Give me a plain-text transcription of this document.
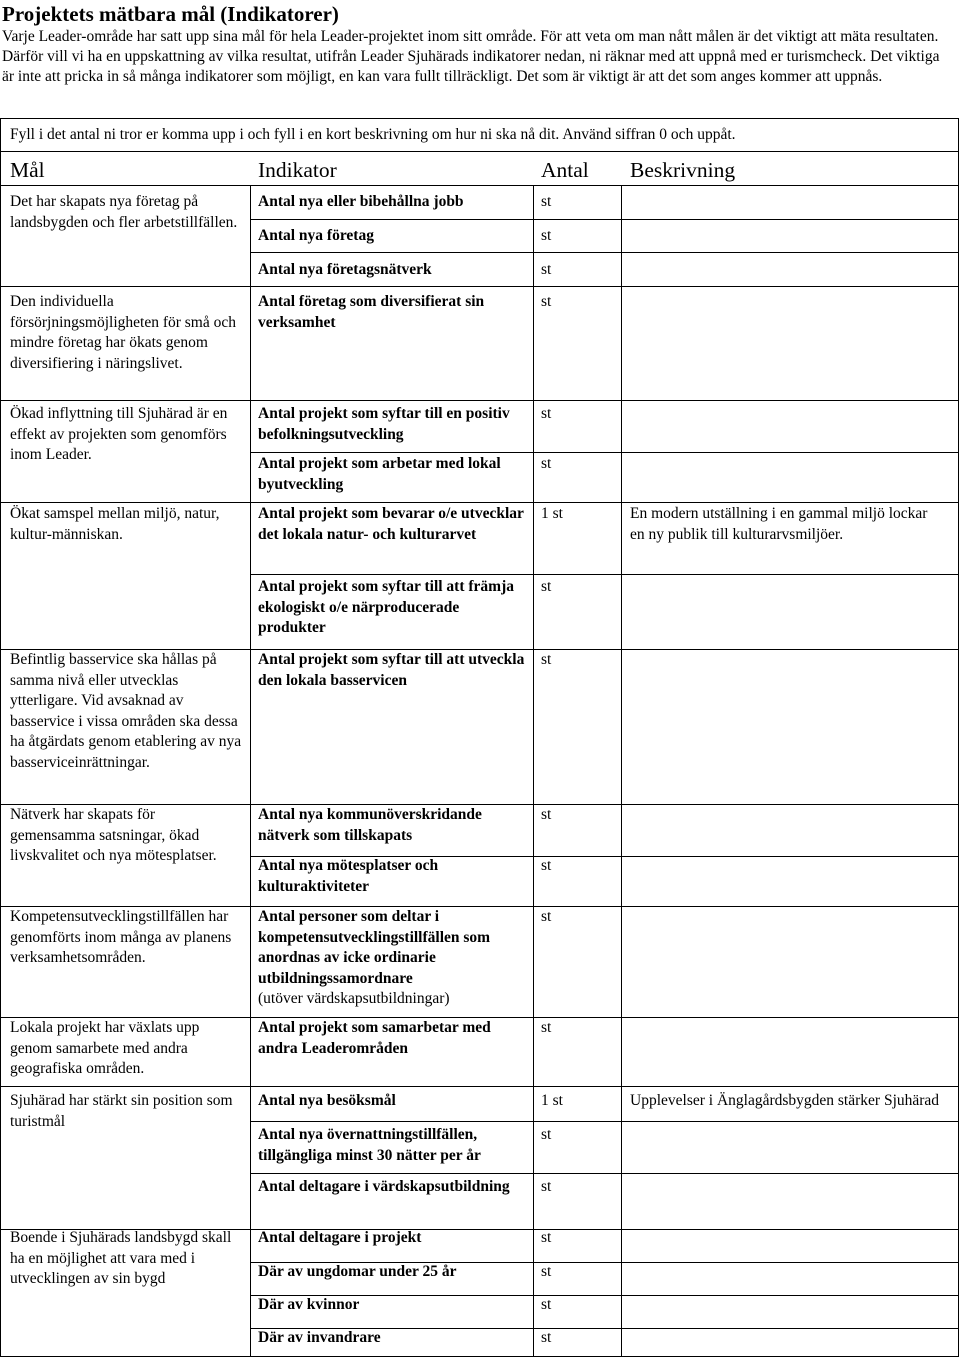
Projektets mätbara mål (Indikatorer)

Varje Leader-område har satt upp sina mål för hela Leader-projektet inom sitt område. För att veta om man nått målen är det viktigt att mäta resultaten. Därför vill vi ha en uppskattning av vilka resultat, utifrån Leader Sjuhärads indikatorer nedan, ni räknar med att uppnå med er turismcheck. Det viktiga är inte att pricka in så många indikatorer som möjligt, en kan vara fullt tillräckligt. Det som är viktigt är att det som anges kommer att uppnås.

Fyll i det antal ni tror er komma upp i och fyll i en kort beskrivning om hur ni ska nå dit. Använd siffran 0 och uppåt.

Mål	Indikator	Antal Beskrivning

Det har skapats nya företag på landsbygden och fler arbetstillfällen.

Den individuella försörjningsmöjligheten för små och mindre företag har ökats genom diversifiering i näringslivet.

Ökad inflyttning till Sjuhärad är en effekt av projekten som genomförs inom Leader.

Ökat samspel mellan miljö, natur, kultur-människan.

Befintlig basservice ska hållas på samma nivå eller utvecklas ytterligare. Vid avsaknad av basservice i vissa områden ska dessa ha åtgärdats genom etablering av nya basserviceinrättningar.

Nätverk har skapats för gemensamma satsningar, ökad livskvalitet och nya mötesplatser.

Kompetensutvecklingstillfällen har genomförts inom många av planens verksamhetsområden.

Lokala projekt har växlats upp genom samarbete med andra geografiska områden.

Sjuhärad har stärkt sin position som turistmål

Boende i Sjuhärads landsbygd skall ha en möjlighet att vara med i utvecklingen av sin bygd

Antal nya eller bibehållna jobb

Antal nya företag

Antal nya företagsnätverk

Antal företag som diversifierat sin verksamhet

Antal projekt som syftar till en positiv befolkningsutveckling

Antal projekt som arbetar med lokal byutveckling

Antal projekt som bevarar o/e utvecklar det lokala natur- och kulturarvet

Antal projekt som syftar till att främja ekologiskt o/e närproducerade produkter

Antal projekt som syftar till att utveckla den lokala basservicen

Antal nya kommunöverskridande nätverk som tillskapats

Antal nya mötesplatser och kulturaktiviteter

Antal personer som deltar i kompetensutvecklingstillfällen som anordnas av icke ordinarie utbildningssamordnare
(utöver värdskapsutbildningar)

Antal projekt som samarbetar med andra Leaderområden

Antal nya besöksmål

Antal nya övernattningstillfällen, tillgängliga minst 30 nätter per år

Antal deltagare i värdskapsutbildning

Antal deltagare i projekt

Där av ungdomar under 25 år

Där av kvinnor

Där av invandrare

st

st

st

st

st

st

1 st

st

st

st

st

st

st

1 st

st

st

st

st

st

st

En modern utställning i en gammal miljö lockar en ny publik till kulturarvsmiljöer.

Upplevelser i Änglagårdsbygden stärker Sjuhärad
